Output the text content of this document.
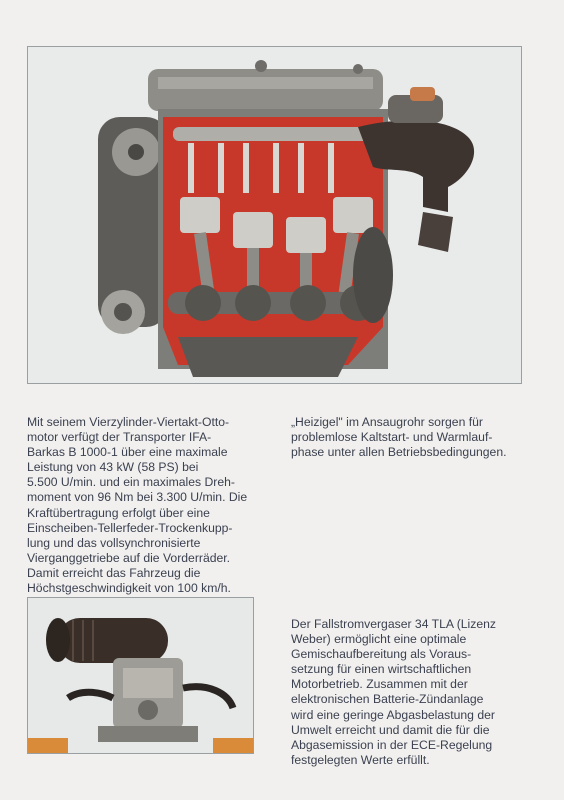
Mit seinem Vierzylinder-Viertakt-Otto-
motor verfügt der Transporter IFA-
Barkas B 1000-1 über eine maximale
Leistung von 43 kW (58 PS) bei
5.500 U/min. und ein maximales Dreh-
moment von 96 Nm bei 3.300 U/min. Die
Kraftübertragung erfolgt über eine
Einscheiben-Tellerfeder-Trockenkupp-
lung und das vollsynchronisierte
Vierganggetriebe auf die Vorderräder.
Damit erreicht das Fahrzeug die
Höchstgeschwindigkeit von 100 km/h.

„Heizigel" im Ansaugrohr sorgen für
problemlose Kaltstart- und Warmlauf-
phase unter allen Betriebsbedingungen.

Der Fallstromvergaser 34 TLA (Lizenz
Weber) ermöglicht eine optimale
Gemischaufbereitung als Voraus-
setzung für einen wirtschaftlichen
Motorbetrieb. Zusammen mit der
elektronischen Batterie-Zündanlage
wird eine geringe Abgasbelastung der
Umwelt erreicht und damit die für die
Abgasemission in der ECE-Regelung
festgelegten Werte erfüllt.
